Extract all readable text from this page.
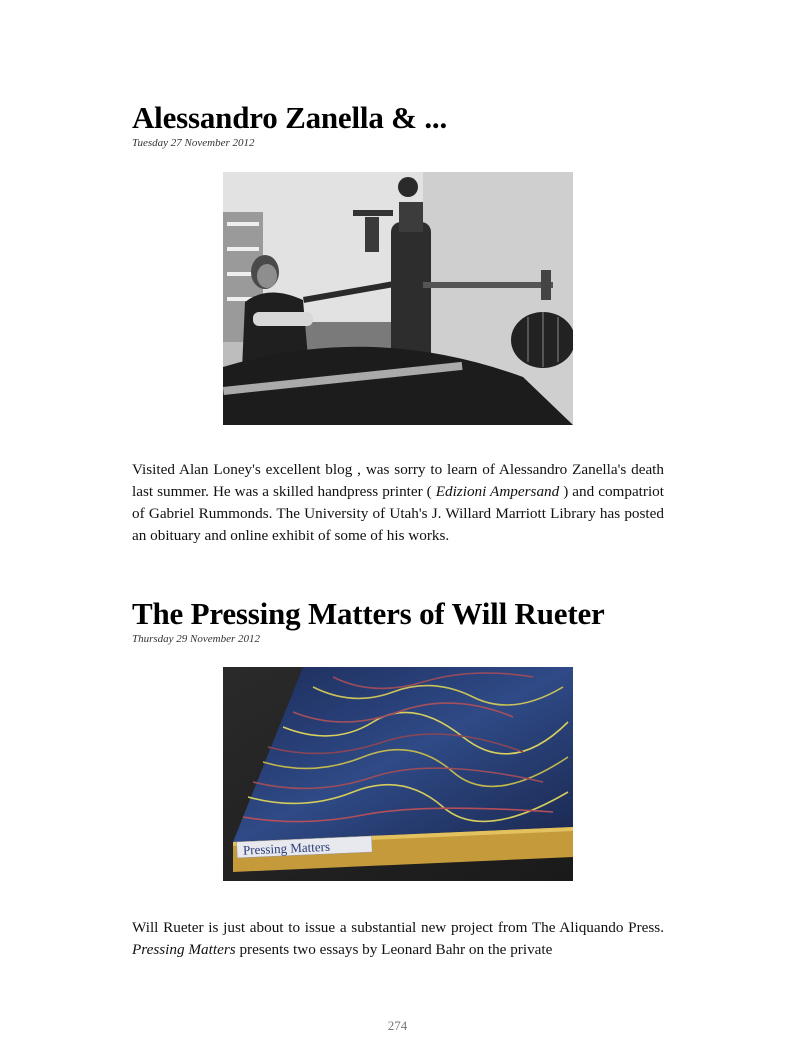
Alessandro Zanella & ...

Tuesday 27 November 2012

Visited Alan Loney's excellent blog , was sorry to learn of Alessandro Zanella's death last summer. He was a skilled handpress printer ( Edizioni Ampersand ) and compatriot of Gabriel Rummonds. The University of Utah's J. Willard Marriott Library has posted an obituary and online exhibit of some of his works.

The Pressing Matters of Will Rueter

Thursday 29 November 2012

Pressing Matters

Will Rueter is just about to issue a substantial new project from The Aliquando Press. Pressing Matters presents two essays by Leonard Bahr on the private

274
